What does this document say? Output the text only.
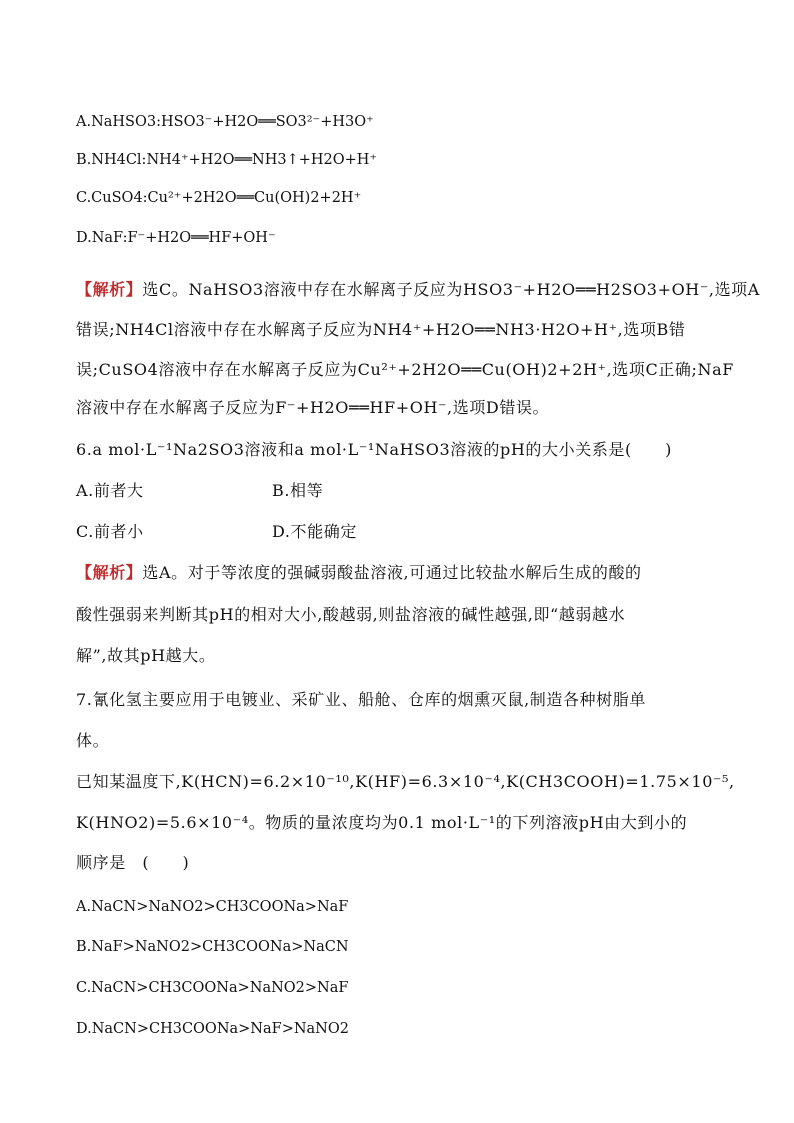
A.NaHSO3:HSO3⁻+H2O══SO3²⁻+H3O⁺
B.NH4Cl:NH4⁺+H2O══NH3↑+H2O+H⁺
C.CuSO4:Cu²⁺+2H2O══Cu(OH)2+2H⁺
D.NaF:F⁻+H2O══HF+OH⁻
【解析】选C。NaHSO3溶液中存在水解离子反应为HSO3⁻+H2O══H2SO3+OH⁻,选项A
错误;NH4Cl溶液中存在水解离子反应为NH4⁺+H2O══NH3·H2O+H⁺,选项B错
误;CuSO4溶液中存在水解离子反应为Cu²⁺+2H2O══Cu(OH)2+2H⁺,选项C正确;NaF
溶液中存在水解离子反应为F⁻+H2O══HF+OH⁻,选项D错误。
6.a mol·L⁻¹Na2SO3溶液和a mol·L⁻¹NaHSO3溶液的pH的大小关系是(　　)
A.前者大	B.相等
C.前者小	D.不能确定
【解析】选A。对于等浓度的强碱弱酸盐溶液,可通过比较盐水解后生成的酸的
酸性强弱来判断其pH的相对大小,酸越弱,则盐溶液的碱性越强,即“越弱越水
解”,故其pH越大。
7.氰化氢主要应用于电镀业、采矿业、船舱、仓库的烟熏灭鼠,制造各种树脂单
体。
已知某温度下,K(HCN)=6.2×10⁻¹⁰,K(HF)=6.3×10⁻⁴,K(CH3COOH)=1.75×10⁻⁵,
K(HNO2)=5.6×10⁻⁴。物质的量浓度均为0.1 mol·L⁻¹的下列溶液pH由大到小的
顺序是　(　　)
A.NaCN>NaNO2>CH3COONa>NaF
B.NaF>NaNO2>CH3COONa>NaCN
C.NaCN>CH3COONa>NaNO2>NaF
D.NaCN>CH3COONa>NaF>NaNO2
